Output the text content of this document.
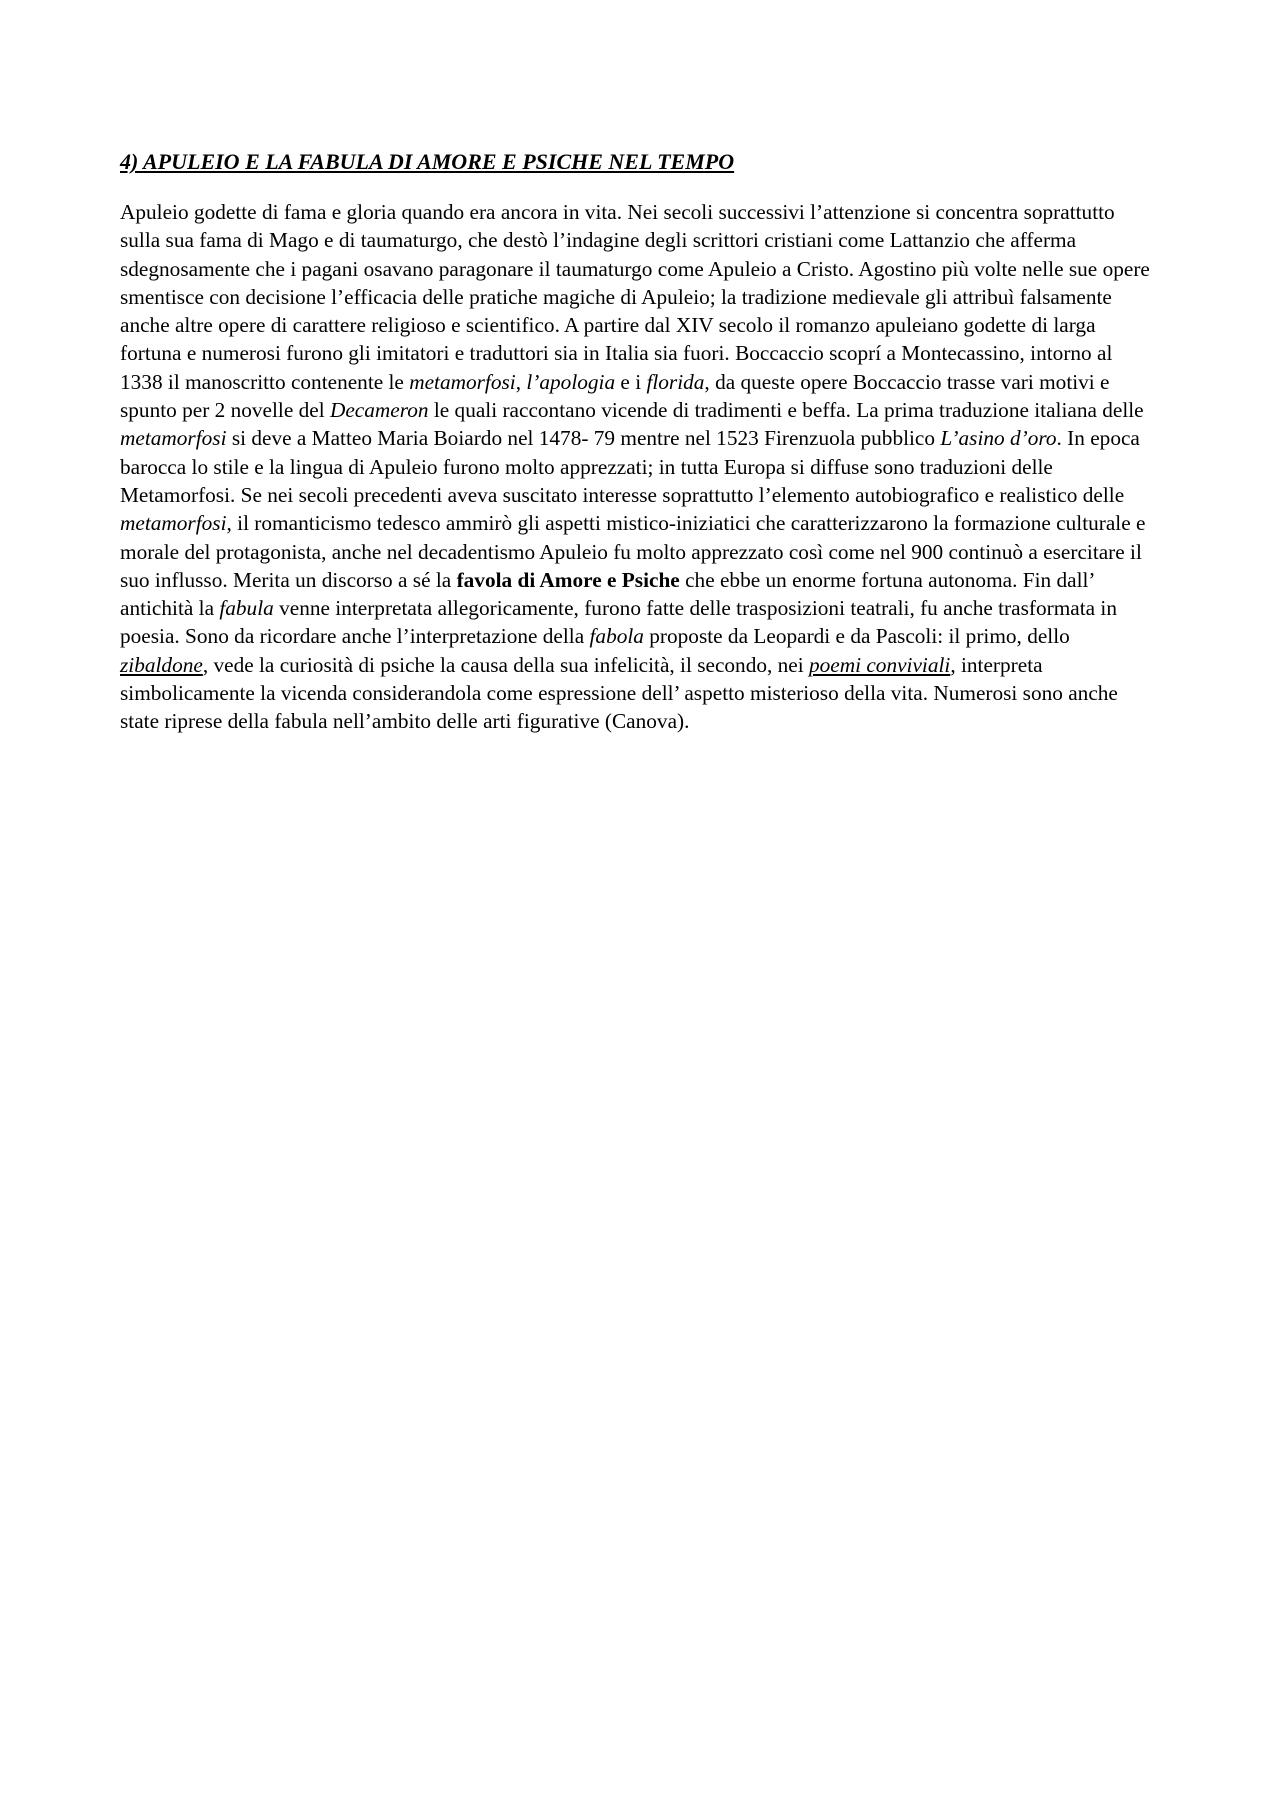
4) APULEIO E LA FABULA DI AMORE E PSICHE NEL TEMPO

Apuleio godette di fama e gloria quando era ancora in vita. Nei secoli successivi l’attenzione si concentra soprattutto sulla sua fama di Mago e di taumaturgo, che destò l’indagine degli scrittori cristiani come Lattanzio che afferma sdegnosamente che i pagani osavano paragonare il taumaturgo come Apuleio a Cristo. Agostino più volte nelle sue opere smentisce con decisione l’efficacia delle pratiche magiche di Apuleio; la tradizione medievale gli attribuì falsamente anche altre opere di carattere religioso e scientifico. A partire dal XIV secolo il romanzo apuleiano godette di larga fortuna e numerosi furono gli imitatori e traduttori sia in Italia sia fuori. Boccaccio scoprí a Montecassino, intorno al 1338 il manoscritto contenente le metamorfosi, l’apologia e i florida, da queste opere Boccaccio trasse vari motivi e spunto per 2 novelle del Decameron le quali raccontano vicende di tradimenti e beffa. La prima traduzione italiana delle metamorfosi si deve a Matteo Maria Boiardo nel 1478- 79 mentre nel 1523 Firenzuola pubblico L’asino d’oro. In epoca barocca lo stile e la lingua di Apuleio furono molto apprezzati; in tutta Europa si diffuse sono traduzioni delle Metamorfosi. Se nei secoli precedenti aveva suscitato interesse soprattutto l’elemento autobiografico e realistico delle metamorfosi, il romanticismo tedesco ammirò gli aspetti mistico-iniziatici che caratterizzarono la formazione culturale e morale del protagonista, anche nel decadentismo Apuleio fu molto apprezzato così come nel 900 continuò a esercitare il suo influsso. Merita un discorso a sé la favola di Amore e Psiche che ebbe un enorme fortuna autonoma. Fin dall’ antichità la fabula venne interpretata allegoricamente, furono fatte delle trasposizioni teatrali, fu anche trasformata in poesia. Sono da ricordare anche l’interpretazione della fabola proposte da Leopardi e da Pascoli: il primo, dello zibaldone, vede la curiosità di psiche la causa della sua infelicità, il secondo, nei poemi conviviali, interpreta simbolicamente la vicenda considerandola come espressione dell’ aspetto misterioso della vita. Numerosi sono anche state riprese della fabula nell’ambito delle arti figurative (Canova).
